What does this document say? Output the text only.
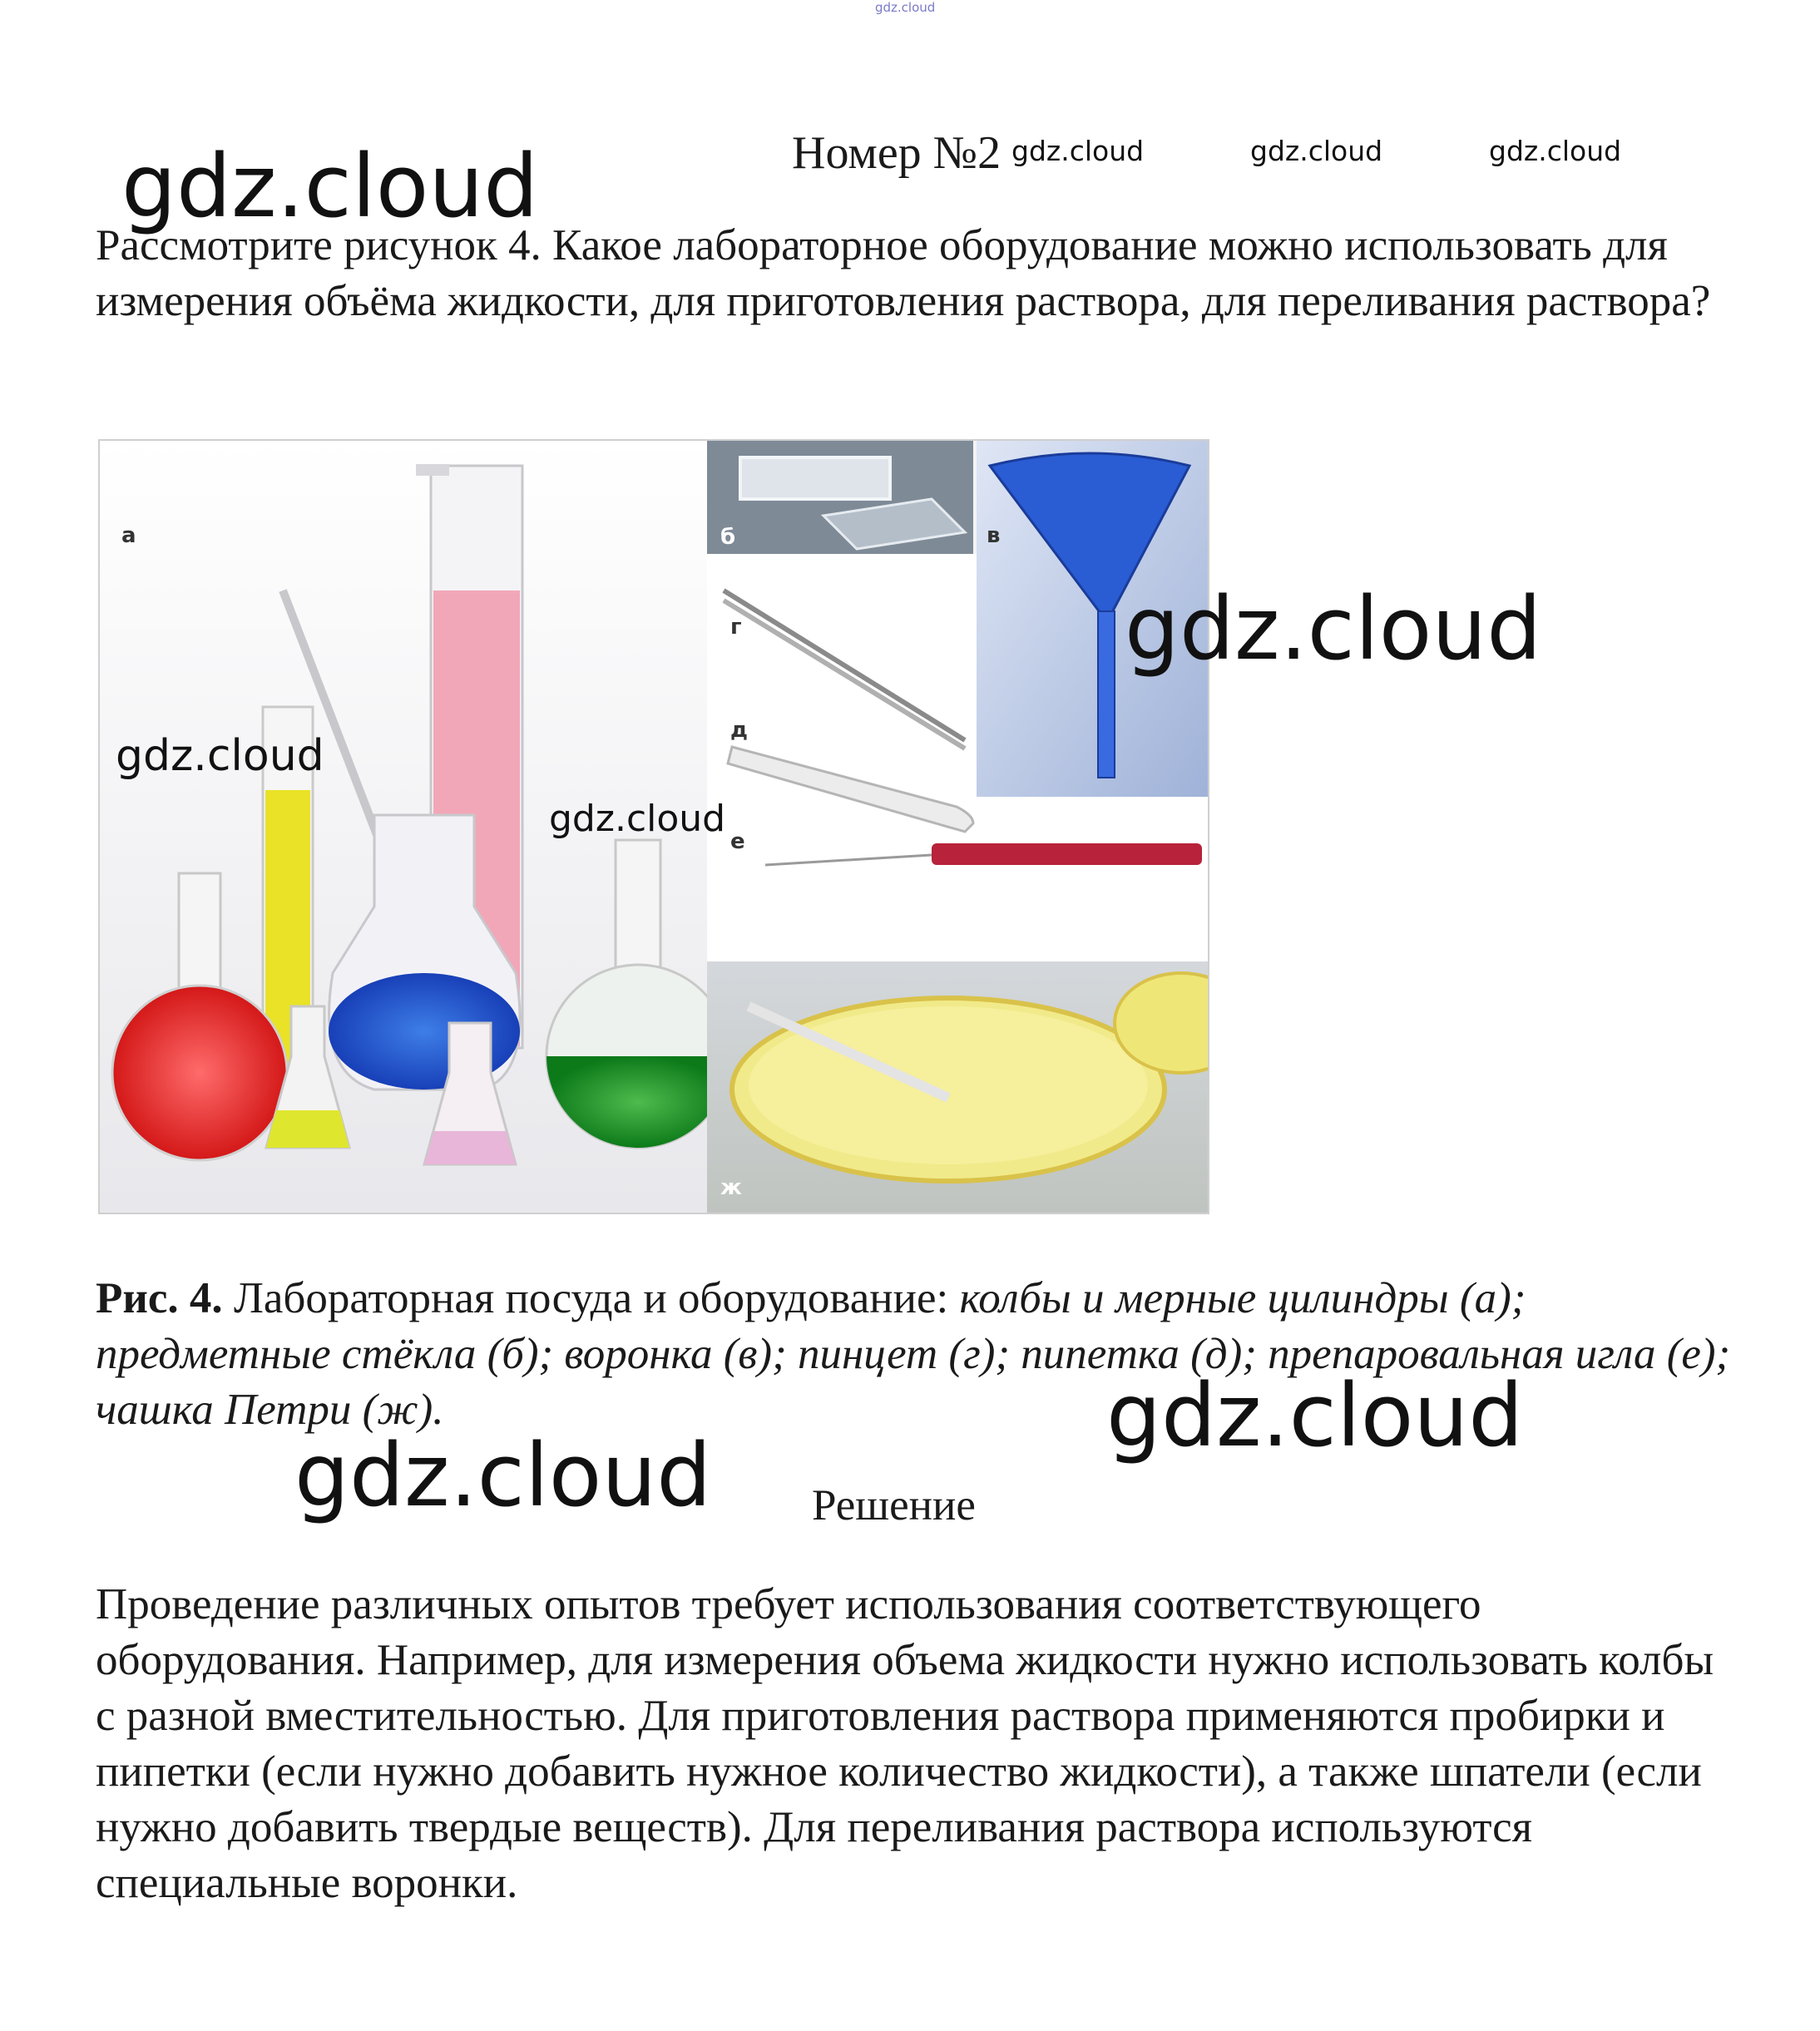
gdz.cloud
Номер №2 gdz.cloud	gdz.cloud	gdz.cloud
gdz.cloud
Рассмотрите рисунок 4. Какое лабораторное оборудование можно использовать для измерения объёма жидкости, для приготовления раствора, для переливания раствора?
а	б	в
г
д
е
ж
gdz.cloud
gdz.cloud
gdz.cloud
Рис. 4. Лабораторная посуда и оборудование: колбы и мерные цилиндры (а); предметные стёкла (б); воронка (в); пинцет (г); пипетка (д); препаровальная игла (е); чашка Петри (ж).	gdz.cloud
gdz.cloud Решение
Проведение различных опытов требует использования соответствующего оборудования. Например, для измерения объема жидкости нужно использовать колбы с разной вместительностью. Для приготовления раствора применяются пробирки и пипетки (если нужно добавить нужное количество жидкости), а также шпатели (если нужно добавить твердые веществ). Для переливания раствора используются специальные воронки.
